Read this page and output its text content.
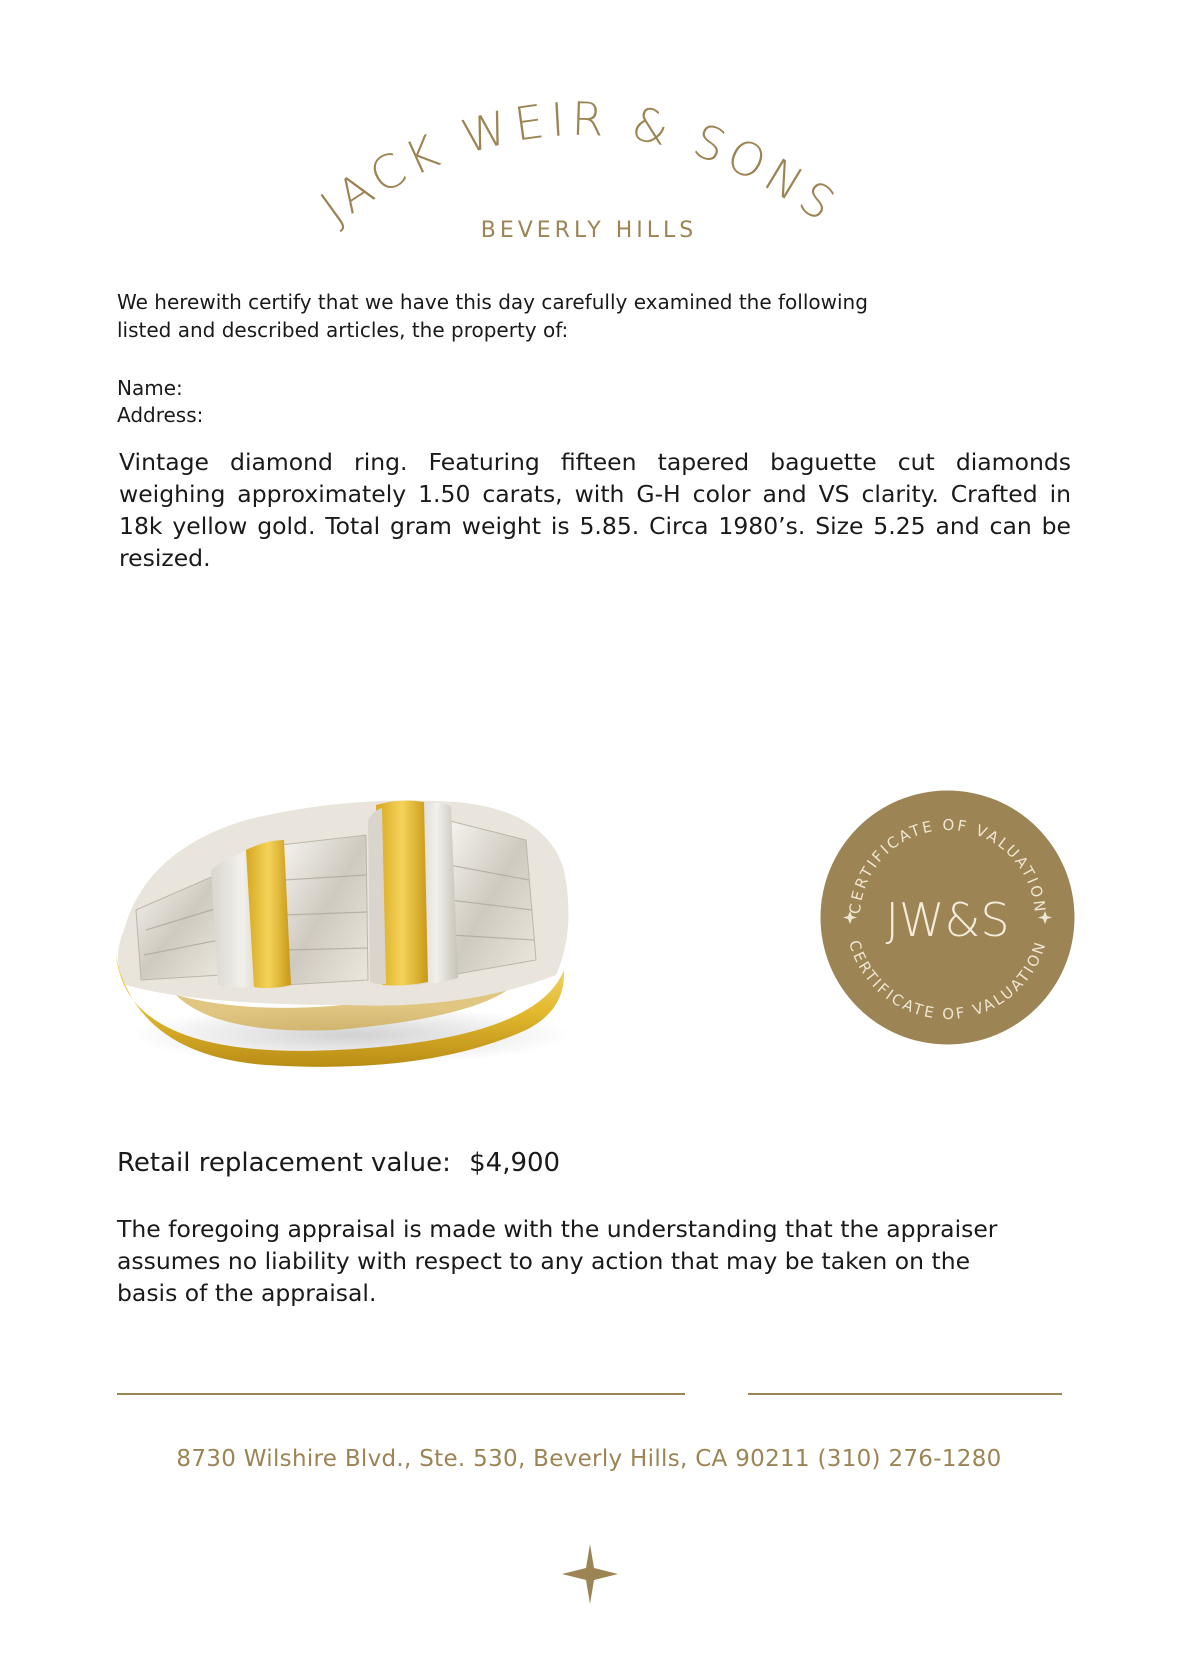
JACK WEIR & SONS
BEVERLY HILLS
We herewith certify that we have this day carefully examined the following listed and described articles, the property of:
Name:
Address:
Vintage diamond ring. Featuring fifteen tapered baguette cut diamonds weighing approximately 1.50 carats, with G-H color and VS clarity. Crafted in 18k yellow gold. Total gram weight is 5.85. Circa 1980’s. Size 5.25 and can be resized.
CERTIFICATE OF VALUATION
CERTIFICATE OF VALUATION
JW&S
Retail replacement value: $4,900
The foregoing appraisal is made with the understanding that the appraiser assumes no liability with respect to any action that may be taken on the basis of the appraisal.
8730 Wilshire Blvd., Ste. 530, Beverly Hills, CA 90211 (310) 276-1280
